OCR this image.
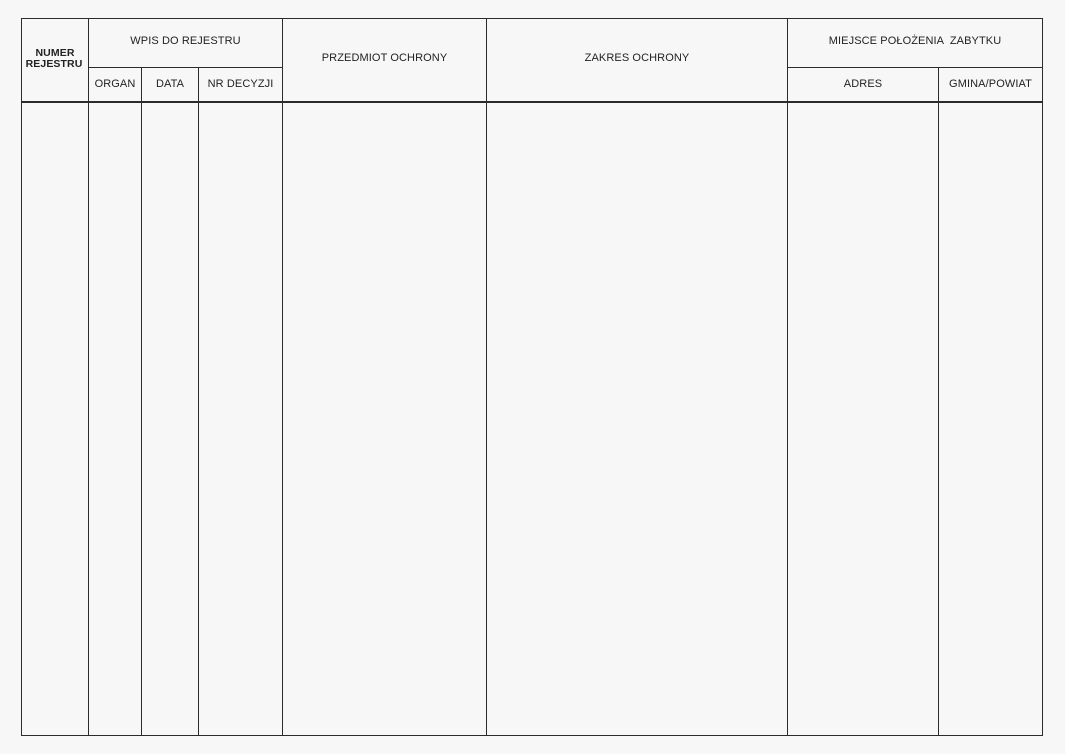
NUMER
REJESTRU
WPIS DO REJESTRU
ORGAN DATA NR DECYZJI
PRZEDMIOT OCHRONY	ZAKRES OCHRONY
MIEJSCE POŁOŻENIA  ZABYTKU
ADRES	GMINA/POWIAT
